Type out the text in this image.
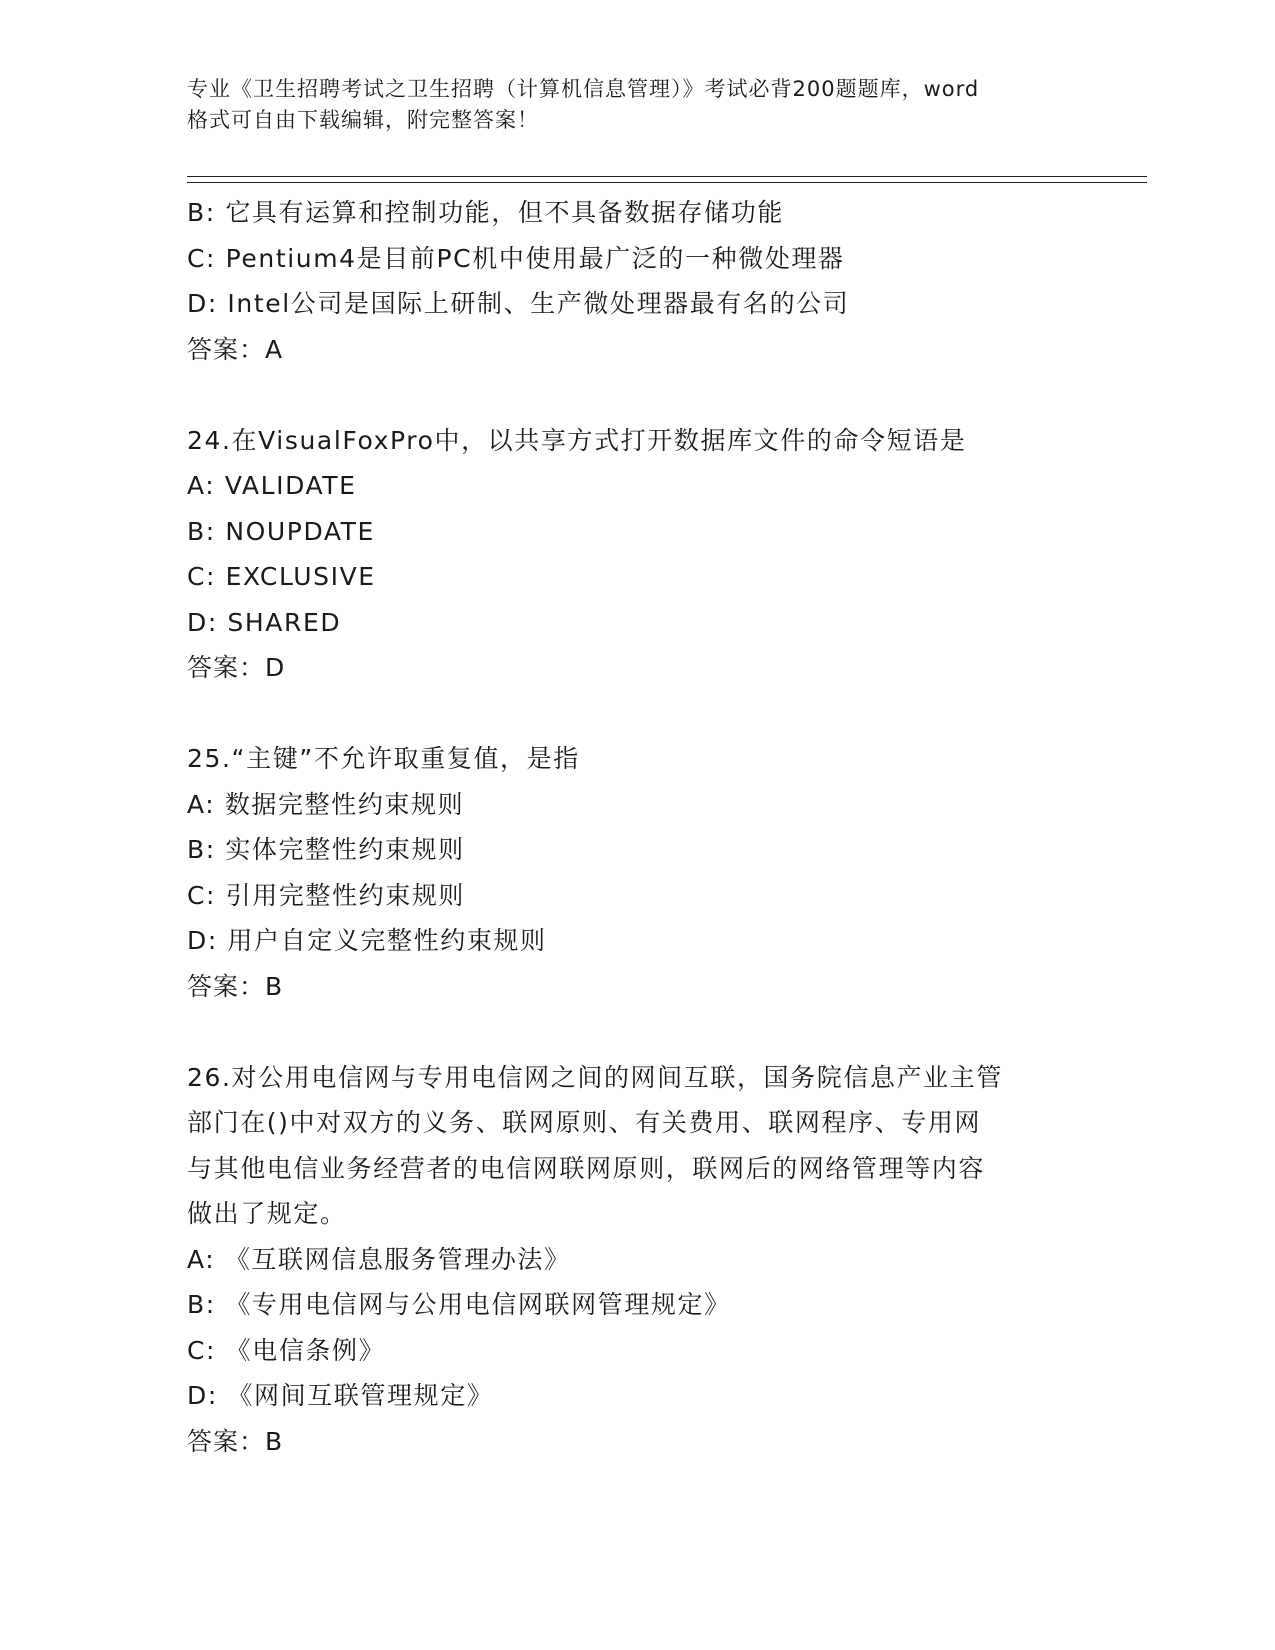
专业《卫生招聘考试之卫生招聘（计算机信息管理）》考试必背200题题库，word
格式可自由下载编辑，附完整答案！
B: 它具有运算和控制功能，但不具备数据存储功能
C: Pentium4是目前PC机中使用最广泛的一种微处理器
D: Intel公司是国际上研制、生产微处理器最有名的公司
答案：A
24.在VisualFoxPro中，以共享方式打开数据库文件的命令短语是
A: VALIDATE
B: NOUPDATE
C: EXCLUSIVE
D: SHARED
答案：D
25.“主键”不允许取重复值，是指
A: 数据完整性约束规则
B: 实体完整性约束规则
C: 引用完整性约束规则
D: 用户自定义完整性约束规则
答案：B
26.对公用电信网与专用电信网之间的网间互联，国务院信息产业主管
部门在()中对双方的义务、联网原则、有关费用、联网程序、专用网
与其他电信业务经营者的电信网联网原则，联网后的网络管理等内容
做出了规定。
A: 《互联网信息服务管理办法》
B: 《专用电信网与公用电信网联网管理规定》
C: 《电信条例》
D: 《网间互联管理规定》
答案：B
